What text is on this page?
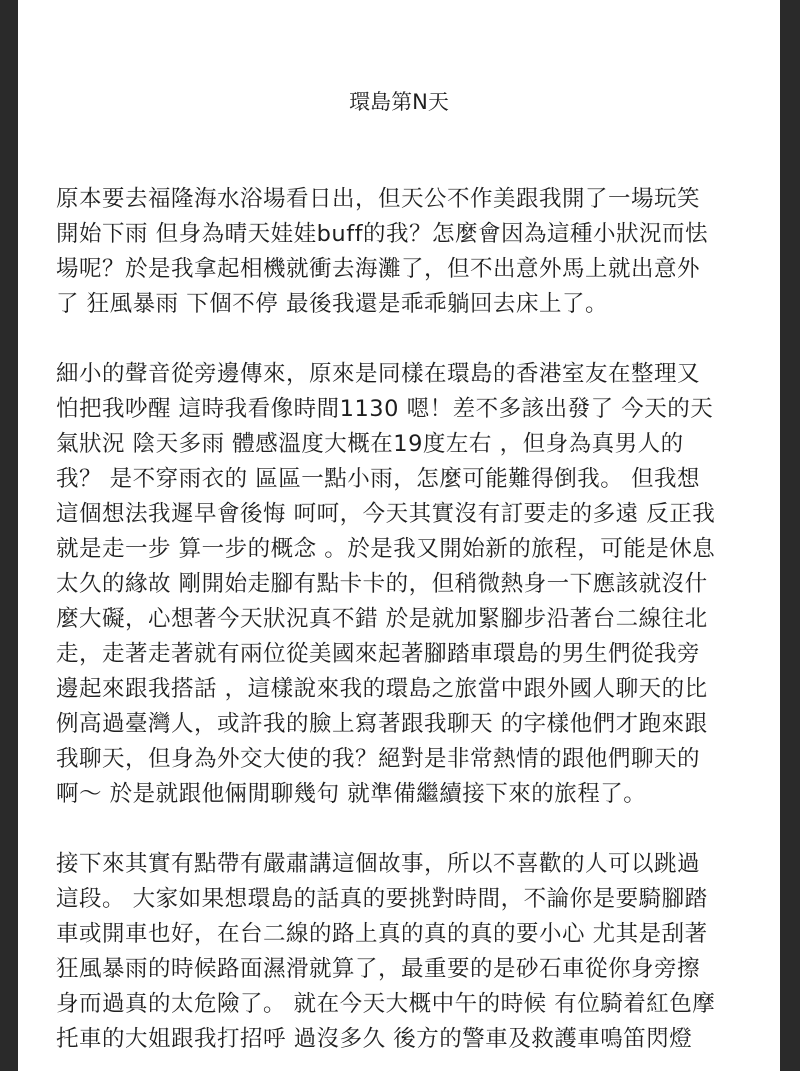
環島第N天

原本要去福隆海水浴場看日出，但天公不作美跟我開了一場玩笑
開始下雨 但身為晴天娃娃buff的我？怎麼會因為這種小狀況而怯
場呢？於是我拿起相機就衝去海灘了，但不出意外馬上就出意外
了 狂風暴雨 下個不停 最後我還是乖乖躺回去床上了。

細小的聲音從旁邊傳來，原來是同樣在環島的香港室友在整理又
怕把我吵醒 這時我看像時間1130 嗯！差不多該出發了 今天的天
氣狀況 陰天多雨 體感溫度大概在19度左右 ，但身為真男人的
我？ 是不穿雨衣的 區區一點小雨，怎麼可能難得倒我。 但我想
這個想法我遲早會後悔 呵呵，今天其實沒有訂要走的多遠 反正我
就是走一步 算一步的概念 。於是我又開始新的旅程，可能是休息
太久的緣故 剛開始走腳有點卡卡的，但稍微熱身一下應該就沒什
麼大礙，心想著今天狀況真不錯 於是就加緊腳步沿著台二線往北
走，走著走著就有兩位從美國來起著腳踏車環島的男生們從我旁
邊起來跟我搭話 ，這樣說來我的環島之旅當中跟外國人聊天的比
例高過臺灣人，或許我的臉上寫著跟我聊天 的字樣他們才跑來跟
我聊天，但身為外交大使的我？絕對是非常熱情的跟他們聊天的
啊〜 於是就跟他倆閒聊幾句 就準備繼續接下來的旅程了。

接下來其實有點帶有嚴肅講這個故事，所以不喜歡的人可以跳過
這段。 大家如果想環島的話真的要挑對時間，不論你是要騎腳踏
車或開車也好，在台二線的路上真的真的真的要小心 尤其是刮著
狂風暴雨的時候路面濕滑就算了，最重要的是砂石車從你身旁擦
身而過真的太危險了。 就在今天大概中午的時候 有位騎着紅色摩
托車的大姐跟我打招呼 過沒多久 後方的警車及救護車鳴笛閃燈
